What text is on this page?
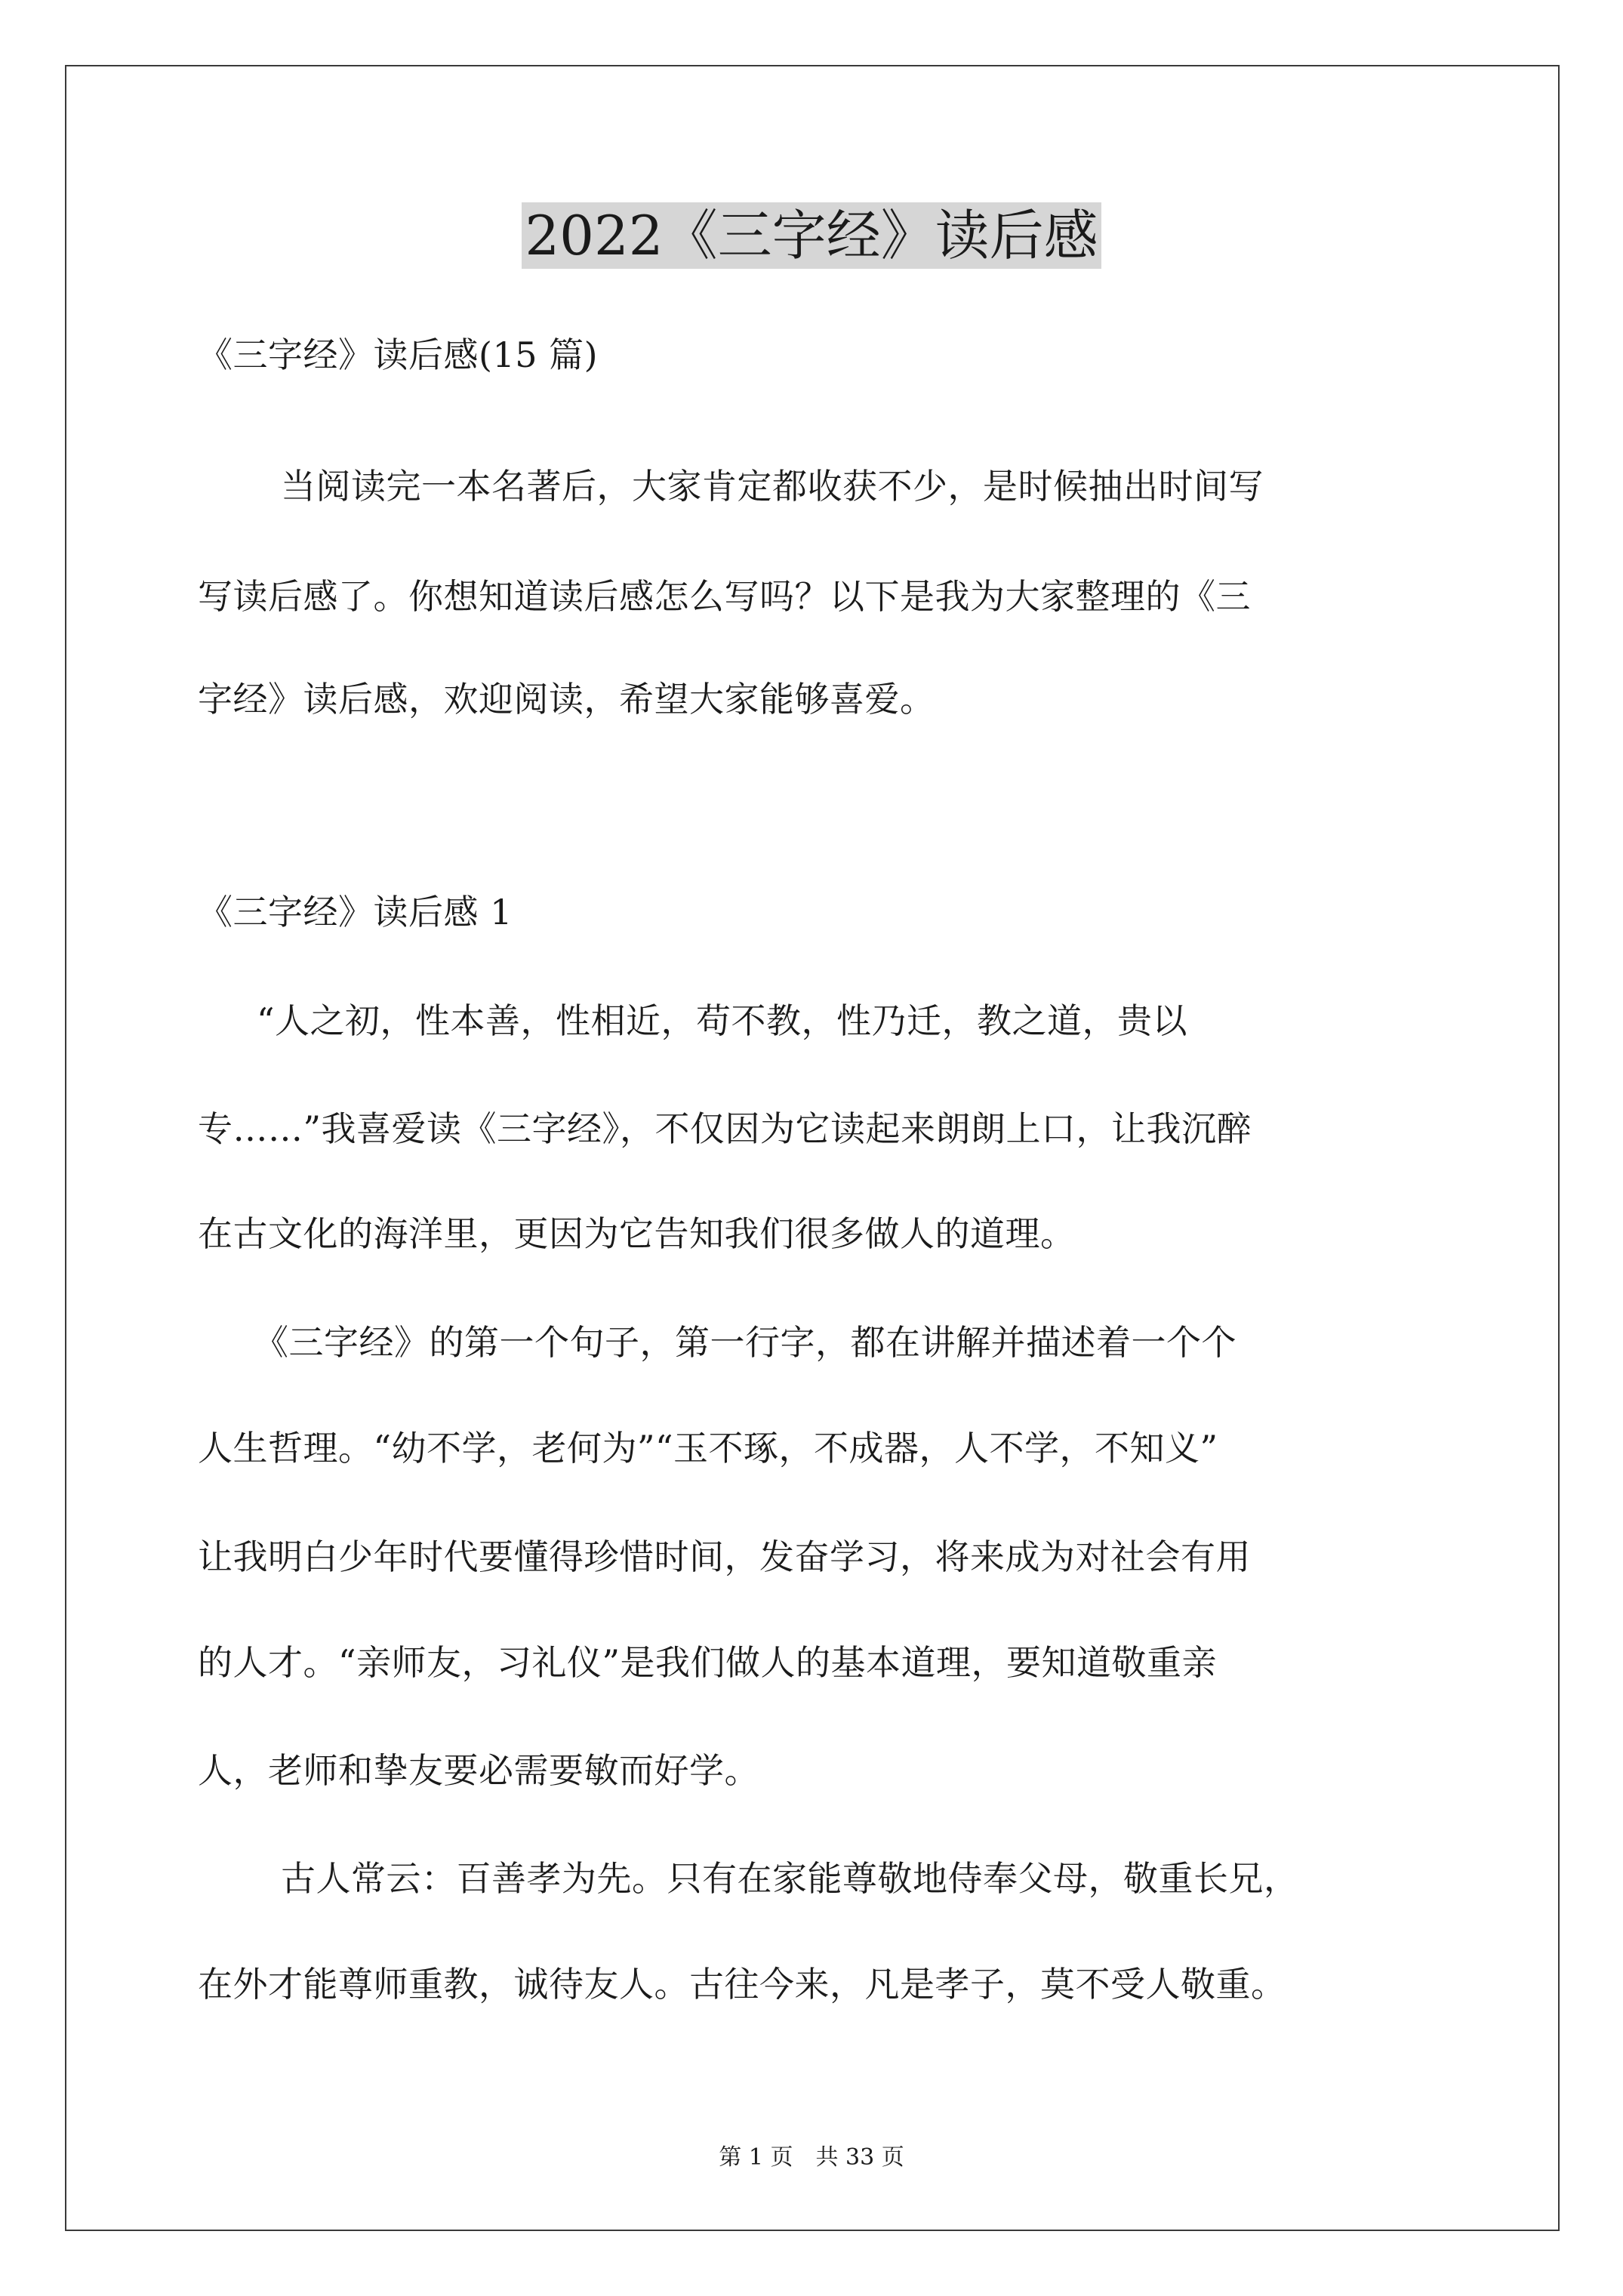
2022《三字经》读后感
《三字经》读后感(15 篇)
当阅读完一本名著后，大家肯定都收获不少，是时候抽出时间写
写读后感了。你想知道读后感怎么写吗？以下是我为大家整理的《三
字经》读后感，欢迎阅读，希望大家能够喜爱。
《三字经》读后感 1
“人之初，性本善，性相近，苟不教，性乃迁，教之道，贵以
专……”我喜爱读《三字经》，不仅因为它读起来朗朗上口，让我沉醉
在古文化的海洋里，更因为它告知我们很多做人的道理。
《三字经》的第一个句子，第一行字，都在讲解并描述着一个个
人生哲理。“幼不学，老何为”“玉不琢，不成器，人不学，不知义”
让我明白少年时代要懂得珍惜时间，发奋学习，将来成为对社会有用
的人才。“亲师友，习礼仪”是我们做人的基本道理，要知道敬重亲
人，老师和挚友要必需要敏而好学。
古人常云：百善孝为先。只有在家能尊敬地侍奉父母，敬重长兄，
在外才能尊师重教，诚待友人。古往今来，凡是孝子，莫不受人敬重。
第 1 页　共 33 页
